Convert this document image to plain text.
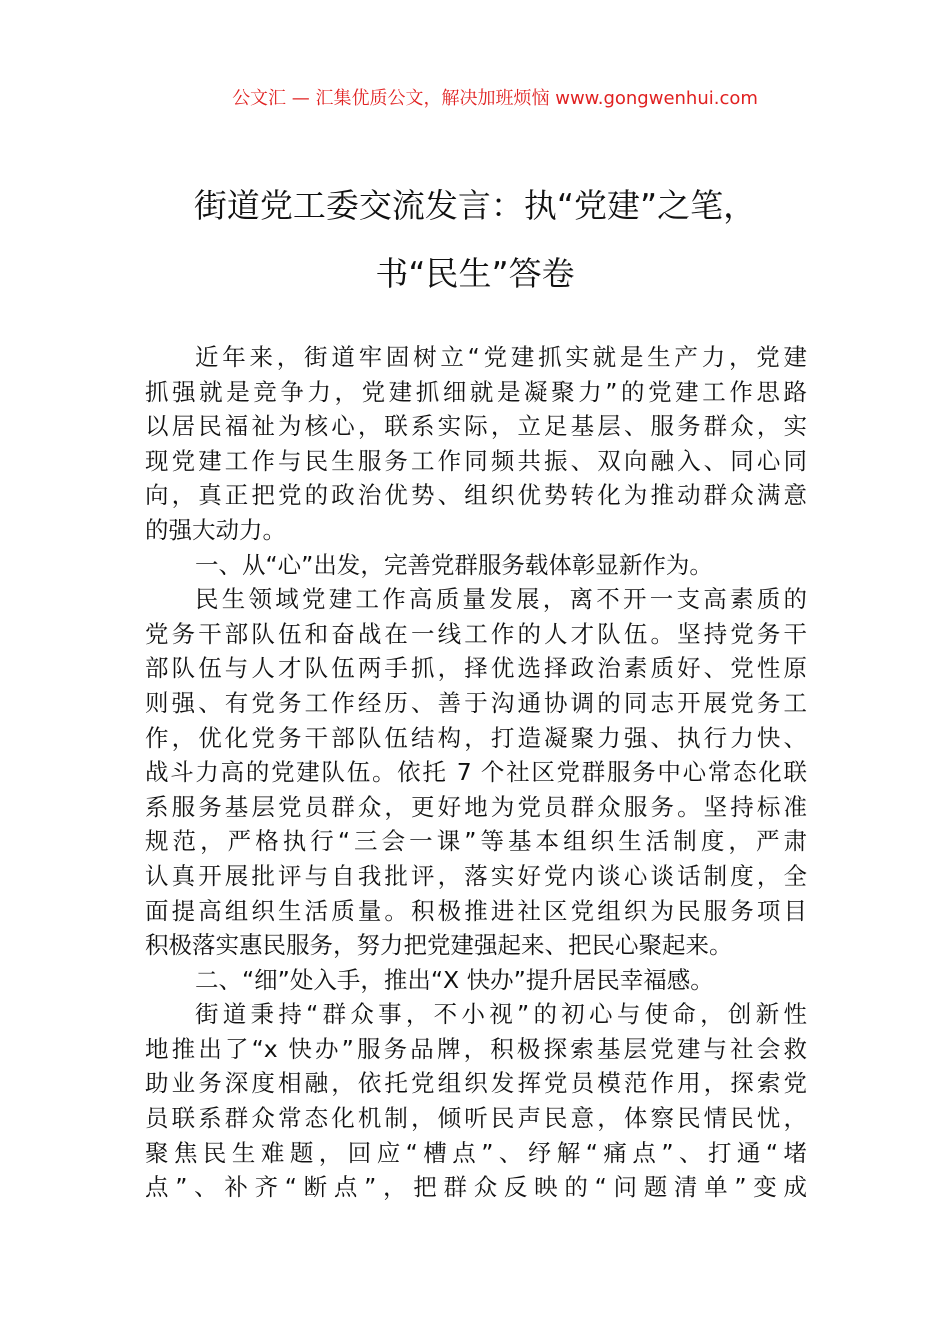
公文汇 — 汇集优质公文，解决加班烦恼 www.gongwenhui.com
街道党工委交流发言：执“党建”之笔，
书“民生”答卷
近年来，街道牢固树立“党建抓实就是生产力，党建
抓强就是竞争力，党建抓细就是凝聚力”的党建工作思路
以居民福祉为核心，联系实际，立足基层、服务群众，实
现党建工作与民生服务工作同频共振、双向融入、同心同
向，真正把党的政治优势、组织优势转化为推动群众满意
的强大动力。
一、从“心”出发，完善党群服务载体彰显新作为。
民生领域党建工作高质量发展，离不开一支高素质的
党务干部队伍和奋战在一线工作的人才队伍。坚持党务干
部队伍与人才队伍两手抓，择优选择政治素质好、党性原
则强、有党务工作经历、善于沟通协调的同志开展党务工
作，优化党务干部队伍结构，打造凝聚力强、执行力快、
战斗力高的党建队伍。依托 7 个社区党群服务中心常态化联
系服务基层党员群众，更好地为党员群众服务。坚持标准
规范，严格执行“三会一课”等基本组织生活制度，严肃
认真开展批评与自我批评，落实好党内谈心谈话制度，全
面提高组织生活质量。积极推进社区党组织为民服务项目
积极落实惠民服务，努力把党建强起来、把民心聚起来。
二、“细”处入手，推出“X 快办”提升居民幸福感。
街道秉持“群众事，不小视”的初心与使命，创新性
地推出了“x 快办”服务品牌，积极探索基层党建与社会救
助业务深度相融，依托党组织发挥党员模范作用，探索党
员联系群众常态化机制，倾听民声民意，体察民情民忧，
聚焦民生难题，回应“槽点”、纾解“痛点”、打通“堵
点”、补齐“断点”，把群众反映的“问题清单”变成
